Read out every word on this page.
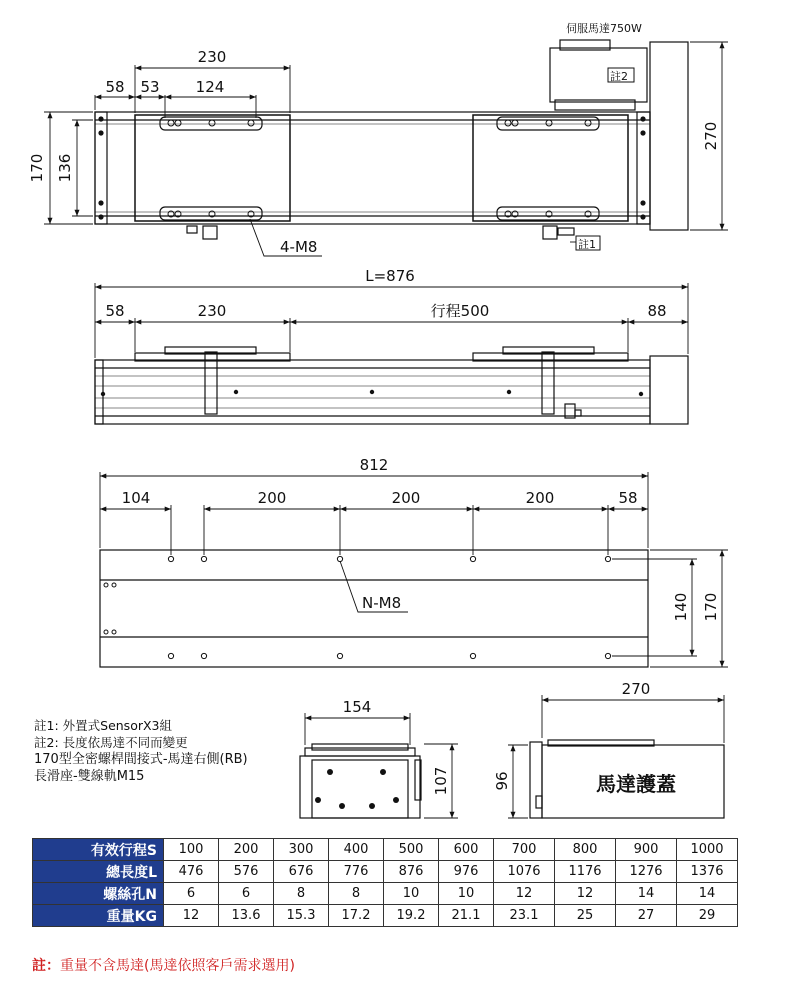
230
58 53 124
170 136
270
伺服馬達750W
註2
註1
4-M8
L=876
58	230	行程500	88
812
104	200	200	200	58
140 170
N-M8
154
107
270
96	馬達護蓋
註1: 外置式SensorX3組
註2: 長度依馬達不同而變更
170型全密螺桿間接式-馬達右側(RB)
長滑座-雙線軌M15
有效行程S	100	200	300	400	500	600	700	800	900	1000
總長度L	476	576	676	776	876	976	1076	1176	1276	1376
螺絲孔N	6	6	8	8	10	10	12	12	14	14
重量KG	12	13.6	15.3	17.2	19.2	21.1	23.1	25	27	29
註：重量不含馬達(馬達依照客戶需求選用)
